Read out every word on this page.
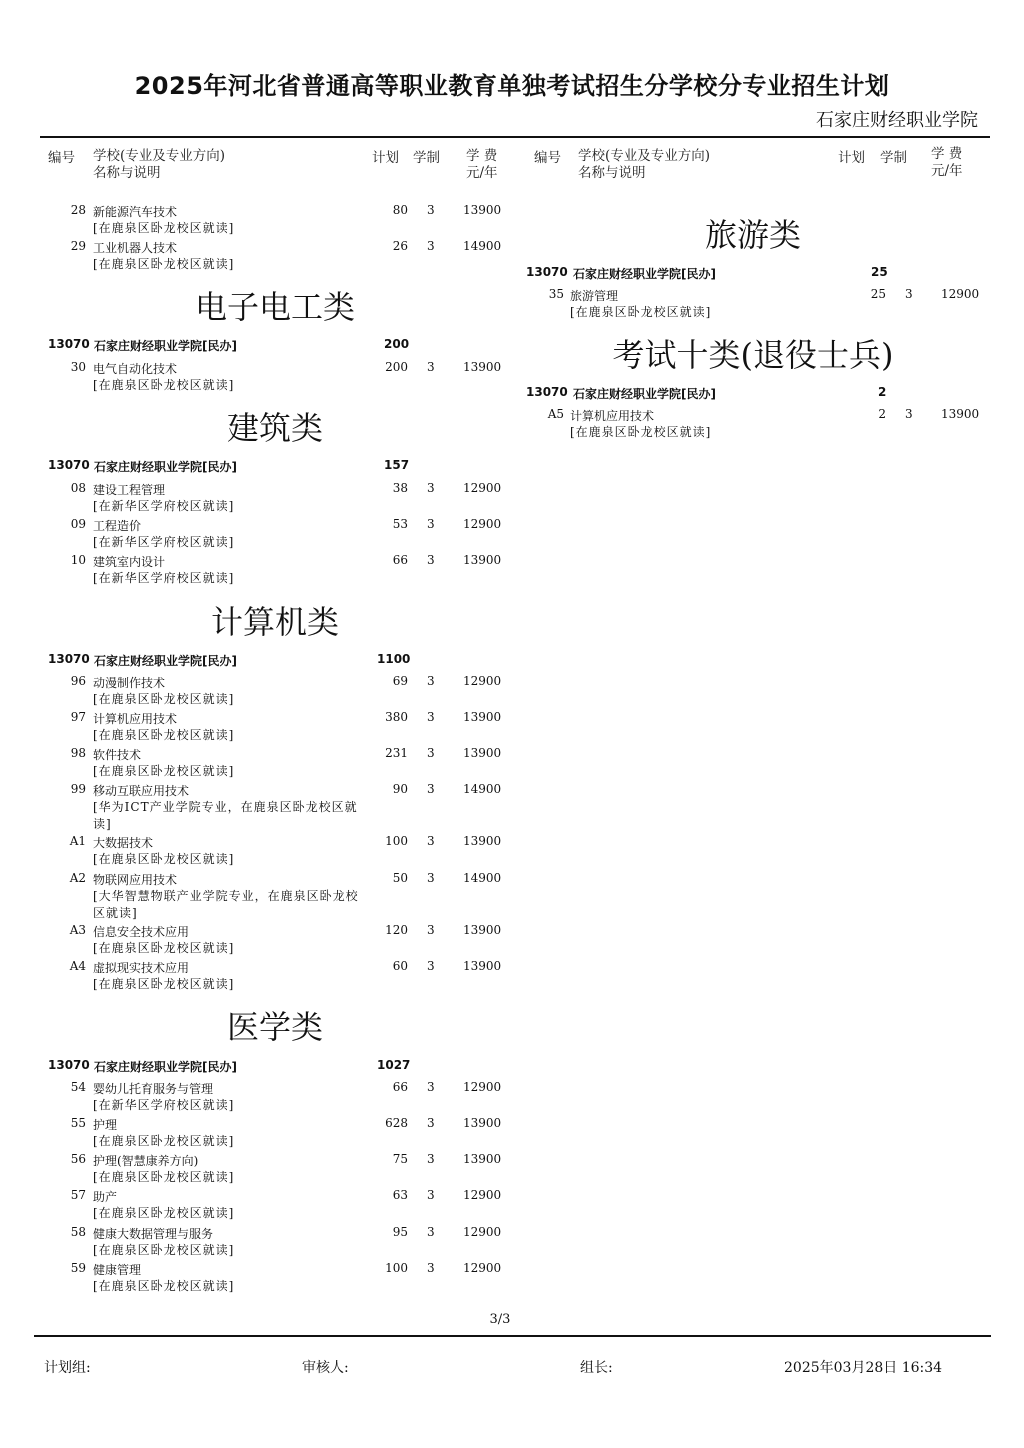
2025年河北省普通高等职业教育单独考试招生分学校分专业招生计划
石家庄财经职业学院
编号 学校(专业及专业方向)
名称与说明
计划 学制 学 费
元/年
编号 学校(专业及专业方向)
名称与说明
计划 学制 学 费
元/年
28 新能源汽车技术
[在鹿泉区卧龙校区就读]
80 3 13900
29 工业机器人技术
[在鹿泉区卧龙校区就读]
26 3 14900
电子电工类
13070 石家庄财经职业学院[民办]	200
30 电气自动化技术
[在鹿泉区卧龙校区就读]
200 3 13900
建筑类
13070 石家庄财经职业学院[民办]	157
08 建设工程管理
[在新华区学府校区就读]
38 3 12900
09 工程造价
[在新华区学府校区就读]
53 3 12900
10 建筑室内设计
[在新华区学府校区就读]
66 3 13900
计算机类
13070 石家庄财经职业学院[民办]	1100
96 动漫制作技术
[在鹿泉区卧龙校区就读]
69 3 12900
97 计算机应用技术
[在鹿泉区卧龙校区就读]
380 3 13900
98 软件技术
[在鹿泉区卧龙校区就读]
231 3 13900
99 移动互联应用技术
[华为ICT产业学院专业，在鹿泉区卧龙校区就读]
90 3 14900
A1 大数据技术
[在鹿泉区卧龙校区就读]
100 3 13900
A2 物联网应用技术
[大华智慧物联产业学院专业，在鹿泉区卧龙校区就读]
50 3 14900
A3 信息安全技术应用
[在鹿泉区卧龙校区就读]
120 3 13900
A4 虚拟现实技术应用
[在鹿泉区卧龙校区就读]
60 3 13900
医学类
13070 石家庄财经职业学院[民办]	1027
54 婴幼儿托育服务与管理
[在新华区学府校区就读]
66 3 12900
55 护理
[在鹿泉区卧龙校区就读]
628 3 13900
56 护理(智慧康养方向)
[在鹿泉区卧龙校区就读]
75 3 13900
57 助产
[在鹿泉区卧龙校区就读]
63 3 12900
58 健康大数据管理与服务
[在鹿泉区卧龙校区就读]
95 3 12900
59 健康管理
[在鹿泉区卧龙校区就读]
100 3 12900
旅游类
13070 石家庄财经职业学院[民办]	25
35 旅游管理
[在鹿泉区卧龙校区就读]
25 3 12900
考试十类(退役士兵)
13070 石家庄财经职业学院[民办]	2
A5 计算机应用技术
[在鹿泉区卧龙校区就读]
2 3 13900
3/3
计划组:	审核人:	组长:	2025年03月28日 16:34
